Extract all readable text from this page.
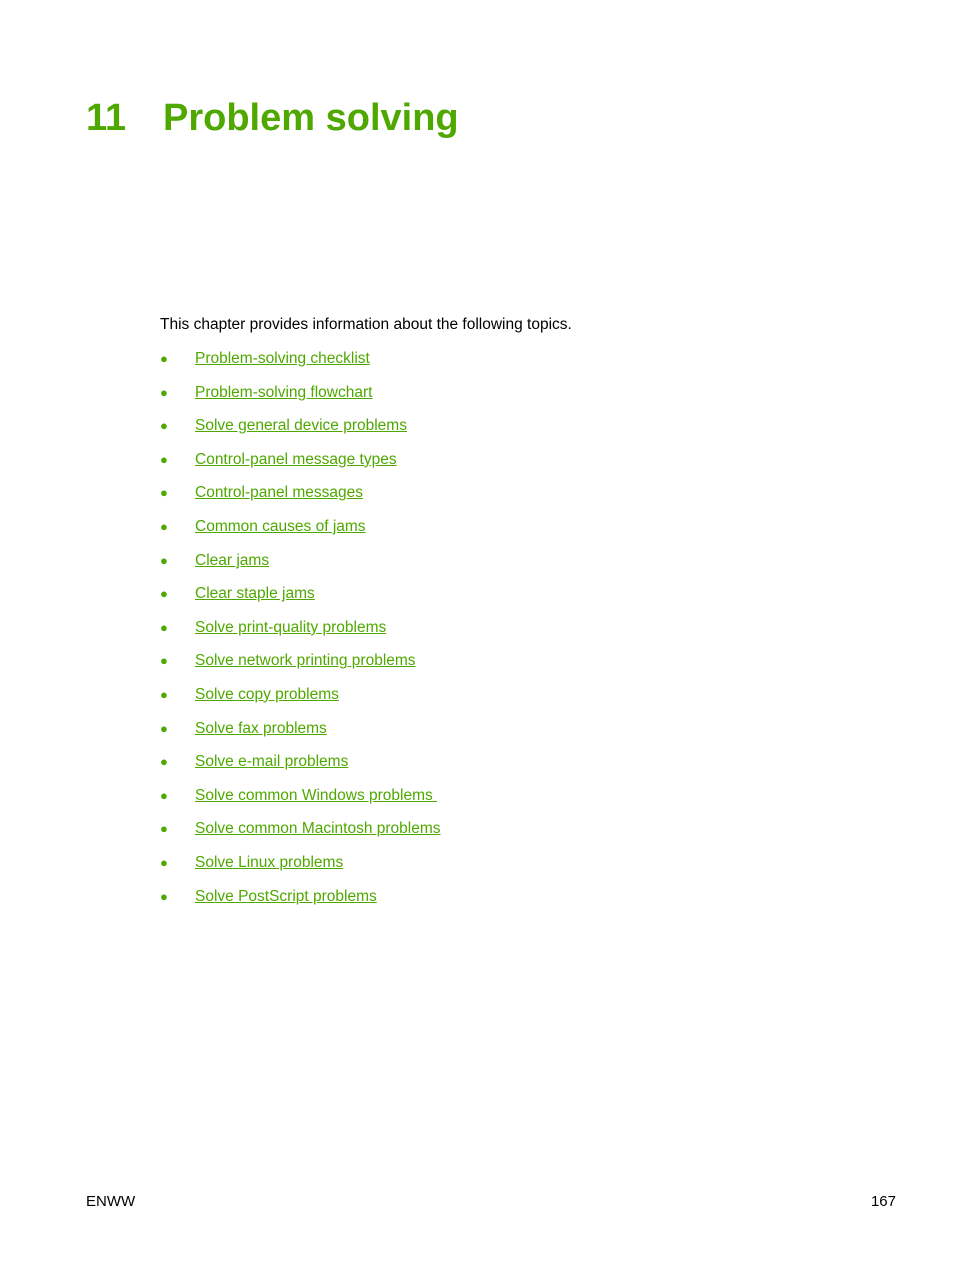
11 Problem solving

This chapter provides information about the following topics.

● Problem-solving checklist
● Problem-solving flowchart
● Solve general device problems
● Control-panel message types
● Control-panel messages
● Common causes of jams
● Clear jams
● Clear staple jams
● Solve print-quality problems
● Solve network printing problems
● Solve copy problems
● Solve fax problems
● Solve e-mail problems
● Solve common Windows problems
● Solve common Macintosh problems
● Solve Linux problems
● Solve PostScript problems
ENWW	167
